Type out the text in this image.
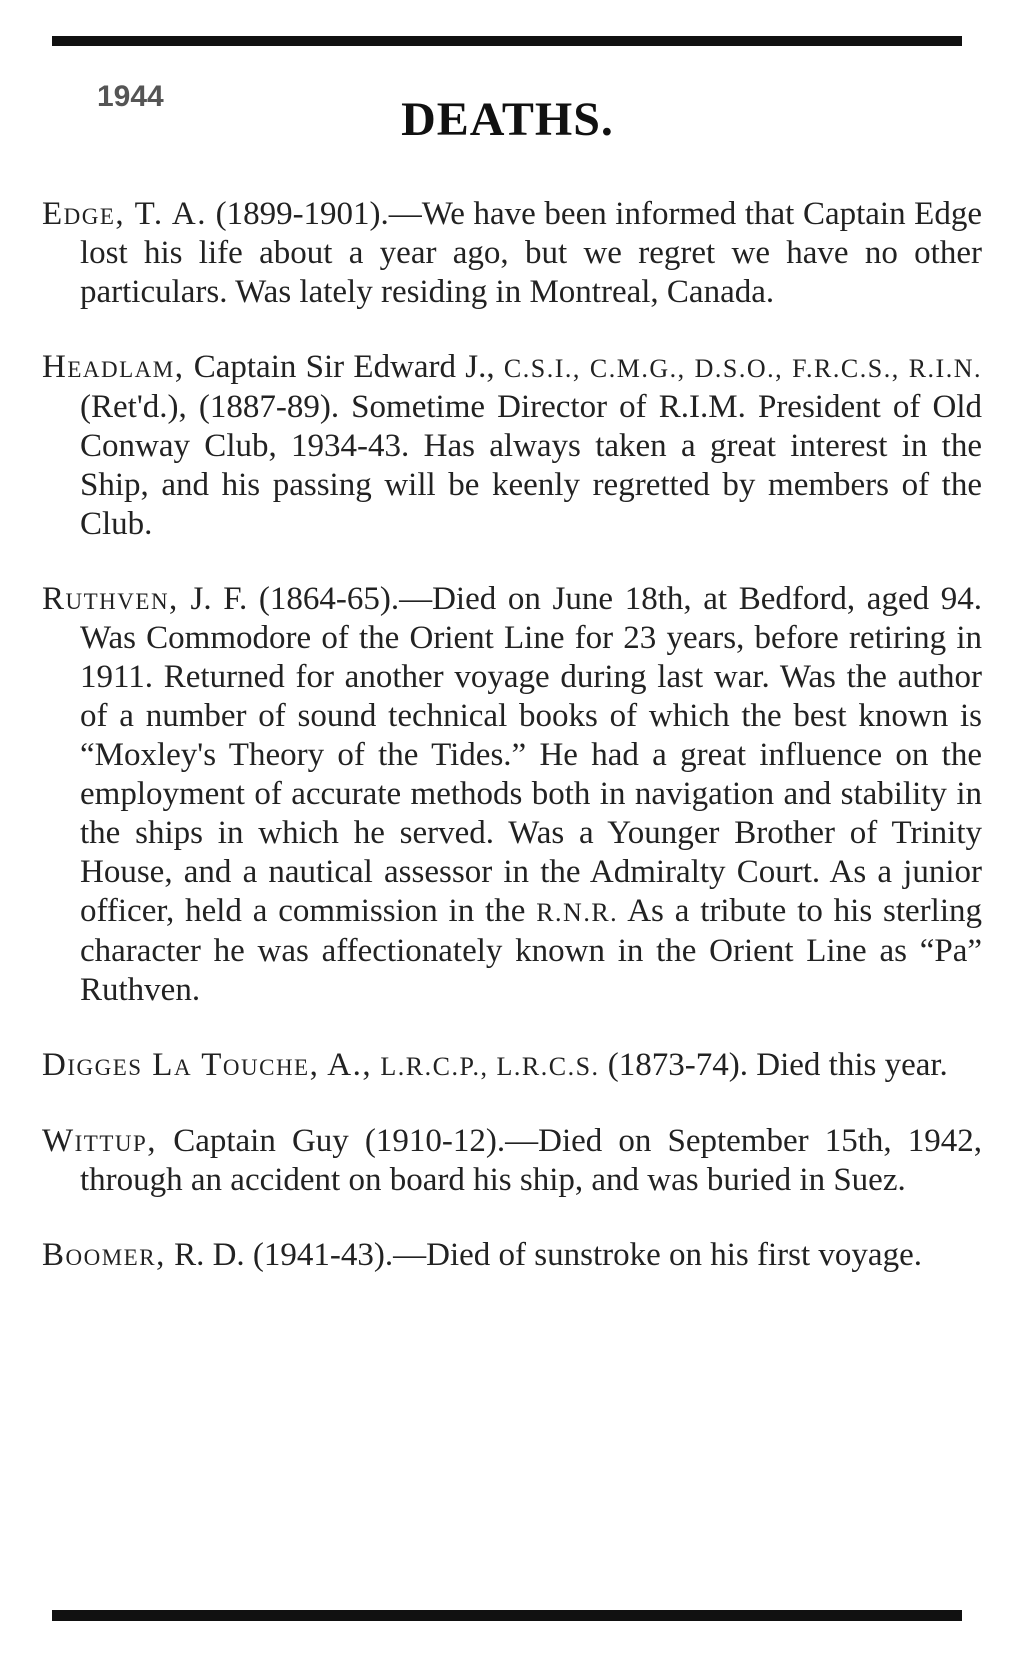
1944	DEATHS.

Edge, T. A. (1899-1901).—We have been informed that Captain Edge lost his life about a year ago, but we regret we have no other particulars. Was lately residing in Montreal, Canada.

Headlam, Captain Sir Edward J., C.S.I., C.M.G., D.S.O., F.R.C.S., R.I.N. (Ret'd.), (1887-89). Sometime Director of R.I.M. President of Old Conway Club, 1934-43. Has always taken a great interest in the Ship, and his passing will be keenly regretted by members of the Club.

Ruthven, J. F. (1864-65).—Died on June 18th, at Bedford, aged 94. Was Commodore of the Orient Line for 23 years, before retiring in 1911. Returned for another voyage during last war. Was the author of a number of sound technical books of which the best known is “Moxley's Theory of the Tides.” He had a great influence on the employment of accurate methods both in navigation and stability in the ships in which he served. Was a Younger Brother of Trinity House, and a nautical assessor in the Admiralty Court. As a junior officer, held a commission in the R.N.R. As a tribute to his sterling character he was affectionately known in the Orient Line as “Pa” Ruthven.

Digges La Touche, A., L.R.C.P., L.R.C.S. (1873-74). Died this year.

Wittup, Captain Guy (1910-12).—Died on September 15th, 1942, through an accident on board his ship, and was buried in Suez.

Boomer, R. D. (1941-43).—Died of sunstroke on his first voyage.
